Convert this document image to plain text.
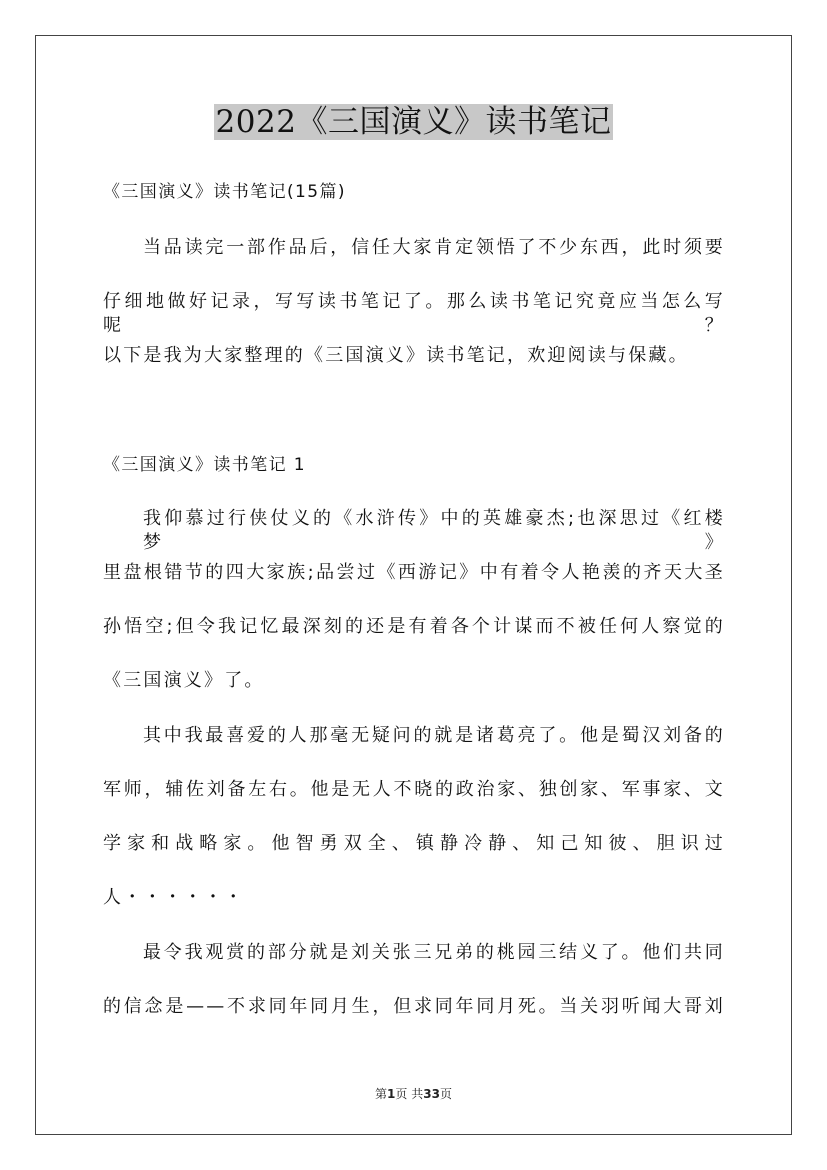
2022《三国演义》读书笔记
《三国演义》读书笔记(15篇)
当品读完一部作品后，信任大家肯定领悟了不少东西，此时须要
仔细地做好记录，写写读书笔记了。那么读书笔记究竟应当怎么写呢？
以下是我为大家整理的《三国演义》读书笔记，欢迎阅读与保藏。
《三国演义》读书笔记 1
我仰慕过行侠仗义的《水浒传》中的英雄豪杰;也深思过《红楼梦》
里盘根错节的四大家族;品尝过《西游记》中有着令人艳羡的齐天大圣
孙悟空;但令我记忆最深刻的还是有着各个计谋而不被任何人察觉的
《三国演义》了。
其中我最喜爱的人那毫无疑问的就是诸葛亮了。他是蜀汉刘备的
军师，辅佐刘备左右。他是无人不晓的政治家、独创家、军事家、文
学家和战略家。他智勇双全、镇静冷静、知己知彼、胆识过
人・・・・・・
最令我观赏的部分就是刘关张三兄弟的桃园三结义了。他们共同
的信念是——不求同年同月生，但求同年同月死。当关羽听闻大哥刘
第1页 共33页
